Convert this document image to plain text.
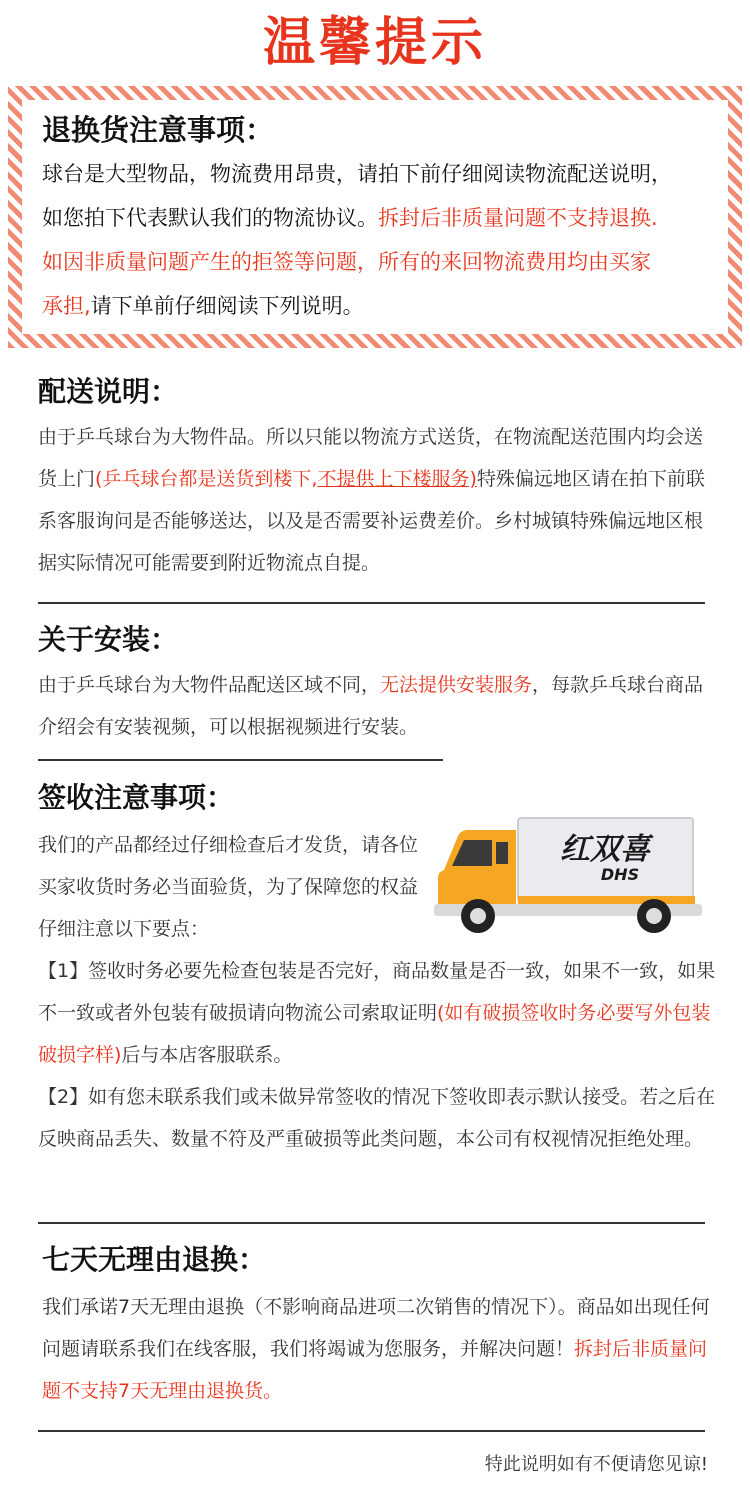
温馨提示
退换货注意事项：
球台是大型物品，物流费用昂贵，请拍下前仔细阅读物流配送说明，
如您拍下代表默认我们的物流协议。拆封后非质量问题不支持退换.
如因非质量问题产生的拒签等问题，所有的来回物流费用均由买家
承担,请下单前仔细阅读下列说明。
配送说明：
由于乒乓球台为大物件品。所以只能以物流方式送货，在物流配送范围内均会送货上门(乒乓球台都是送货到楼下,不提供上下楼服务)特殊偏远地区请在拍下前联系客服询问是否能够送达，以及是否需要补运费差价。乡村城镇特殊偏远地区根据实际情况可能需要到附近物流点自提。
关于安装：
由于乒乓球台为大物件品配送区域不同，无法提供安装服务，每款乒乓球台商品介绍会有安装视频，可以根据视频进行安装。
签收注意事项：
我们的产品都经过仔细检查后才发货，请各位买家收货时务必当面验货，为了保障您的权益仔细注意以下要点：
【1】签收时务必要先检查包装是否完好，商品数量是否一致，如果不一致，如果不一致或者外包装有破损请向物流公司索取证明(如有破损签收时务必要写外包装破损字样)后与本店客服联系。
【2】如有您未联系我们或未做异常签收的情况下签收即表示默认接受。若之后在反映商品丢失、数量不符及严重破损等此类问题，本公司有权视情况拒绝处理。
红双喜
DHS
七天无理由退换：
我们承诺7天无理由退换（不影响商品进项二次销售的情况下）。商品如出现任何问题请联系我们在线客服，我们将竭诚为您服务，并解决问题！拆封后非质量问题不支持7天无理由退换货。
特此说明如有不便请您见谅!
